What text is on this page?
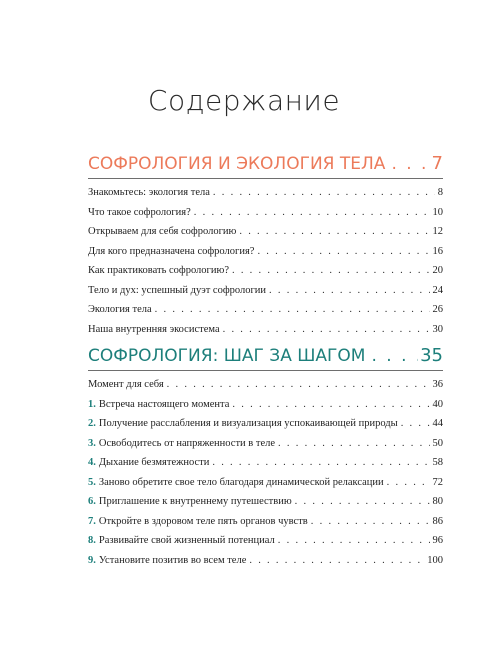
Содержание
СОФРОЛОГИЯ И ЭКОЛОГИЯ ТЕЛА . . .	7
Знакомьтесь: экология тела . . .	8
Что такое софрология? . . .	10
Открываем для себя софрологию . . .	12
Для кого предназначена софрология? . . .	16
Как практиковать софрологию? . . .	20
Тело и дух: успешный дуэт софрологии . . .	24
Экология тела . . .	26
Наша внутренняя экосистема . . .	30
СОФРОЛОГИЯ: ШАГ ЗА ШАГОМ . . .	35
Момент для себя . . .	36
1. Встреча настоящего момента . . .	40
2. Получение расслабления и визуализация успокаивающей природы . . .	44
3. Освободитесь от напряженности в теле . . .	50
4. Дыхание безмятежности . . .	58
5. Заново обретите свое тело благодаря динамической релаксации . . .	72
6. Приглашение к внутреннему путешествию . . .	80
7. Откройте в здоровом теле пять органов чувств . . .	86
8. Развивайте свой жизненный потенциал . . .	96
9. Установите позитив во всем теле . . .	100
